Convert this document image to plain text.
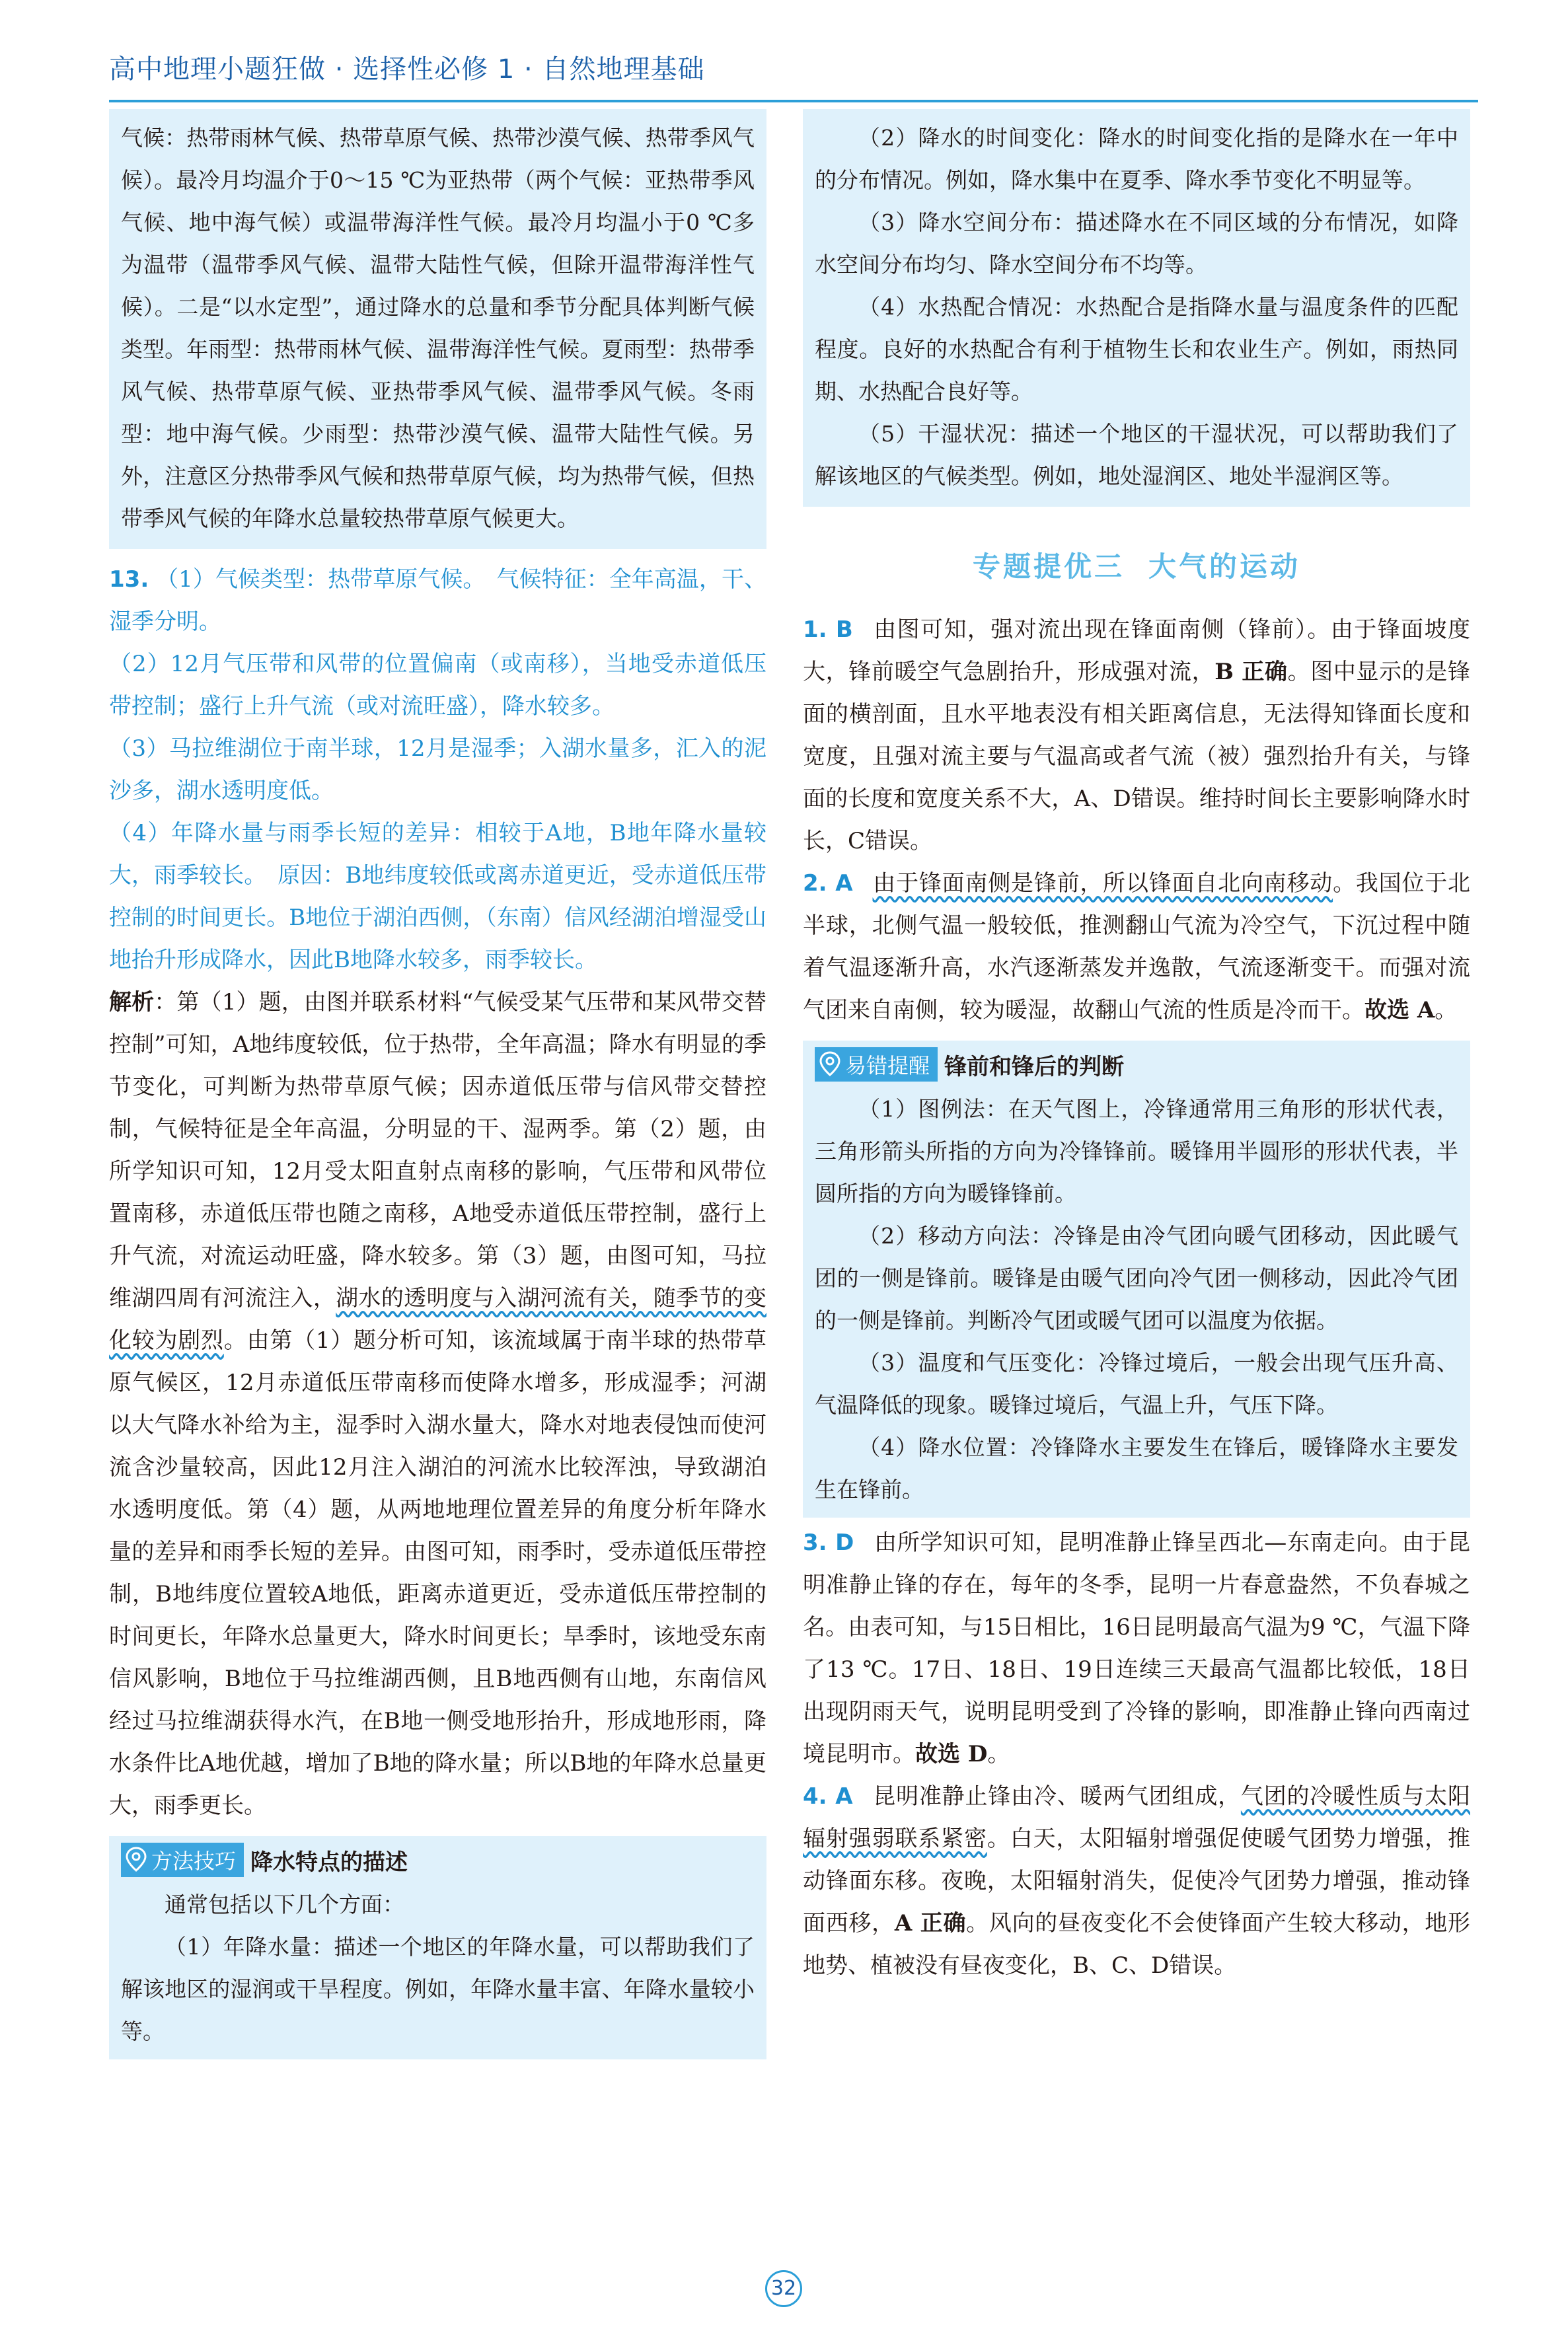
高中地理小题狂做 · 选择性必修 1 · 自然地理基础

气候：热带雨林气候、热带草原气候、热带沙漠气候、热带季风气候）。最冷月均温介于0～15 ℃为亚热带（两个气候：亚热带季风气候、地中海气候）或温带海洋性气候。最冷月均温小于0 ℃多为温带（温带季风气候、温带大陆性气候，但除开温带海洋性气候）。二是“以水定型”，通过降水的总量和季节分配具体判断气候类型。年雨型：热带雨林气候、温带海洋性气候。夏雨型：热带季风气候、热带草原气候、亚热带季风气候、温带季风气候。冬雨型：地中海气候。少雨型：热带沙漠气候、温带大陆性气候。另外，注意区分热带季风气候和热带草原气候，均为热带气候，但热带季风气候的年降水总量较热带草原气候更大。

13. （1）气候类型：热带草原气候。　气候特征：全年高温，干、湿季分明。

（2）12月气压带和风带的位置偏南（或南移），当地受赤道低压带控制；盛行上升气流（或对流旺盛），降水较多。

（3）马拉维湖位于南半球，12月是湿季；入湖水量多，汇入的泥沙多，湖水透明度低。

（4）年降水量与雨季长短的差异：相较于A地，B地年降水量较大，雨季较长。　原因：B地纬度较低或离赤道更近，受赤道低压带控制的时间更长。B地位于湖泊西侧，（东南）信风经湖泊增湿受山地抬升形成降水，因此B地降水较多，雨季较长。

解析：第（1）题，由图并联系材料“气候受某气压带和某风带交替控制”可知，A地纬度较低，位于热带，全年高温；降水有明显的季节变化，可判断为热带草原气候；因赤道低压带与信风带交替控制，气候特征是全年高温，分明显的干、湿两季。第（2）题，由所学知识可知，12月受太阳直射点南移的影响，气压带和风带位置南移，赤道低压带也随之南移，A地受赤道低压带控制，盛行上升气流，对流运动旺盛，降水较多。第（3）题，由图可知，马拉维湖四周有河流注入，湖水的透明度与入湖河流有关，随季节的变化较为剧烈。由第（1）题分析可知，该流域属于南半球的热带草原气候区，12月赤道低压带南移而使降水增多，形成湿季；河湖以大气降水补给为主，湿季时入湖水量大，降水对地表侵蚀而使河流含沙量较高，因此12月注入湖泊的河流水比较浑浊，导致湖泊水透明度低。第（4）题，从两地地理位置差异的角度分析年降水量的差异和雨季长短的差异。由图可知，雨季时，受赤道低压带控制，B地纬度位置较A地低，距离赤道更近，受赤道低压带控制的时间更长，年降水总量更大，降水时间更长；旱季时，该地受东南信风影响，B地位于马拉维湖西侧，且B地西侧有山地，东南信风经过马拉维湖获得水汽，在B地一侧受地形抬升，形成地形雨，降水条件比A地优越，增加了B地的降水量；所以B地的年降水总量更大，雨季更长。

方法技巧 降水特点的描述

通常包括以下几个方面：

（1）年降水量：描述一个地区的年降水量，可以帮助我们了解该地区的湿润或干旱程度。例如，年降水量丰富、年降水量较小等。

（2）降水的时间变化：降水的时间变化指的是降水在一年中的分布情况。例如，降水集中在夏季、降水季节变化不明显等。

（3）降水空间分布：描述降水在不同区域的分布情况，如降水空间分布均匀、降水空间分布不均等。

（4）水热配合情况：水热配合是指降水量与温度条件的匹配程度。良好的水热配合有利于植物生长和农业生产。例如，雨热同期、水热配合良好等。

（5）干湿状况：描述一个地区的干湿状况，可以帮助我们了解该地区的气候类型。例如，地处湿润区、地处半湿润区等。

专题提优三 大气的运动

1. B 由图可知，强对流出现在锋面南侧（锋前）。由于锋面坡度大，锋前暖空气急剧抬升，形成强对流，B 正确。图中显示的是锋面的横剖面，且水平地表没有相关距离信息，无法得知锋面长度和宽度，且强对流主要与气温高或者气流（被）强烈抬升有关，与锋面的长度和宽度关系不大，A、D错误。维持时间长主要影响降水时长，C错误。

2. A 由于锋面南侧是锋前，所以锋面自北向南移动。我国位于北半球，北侧气温一般较低，推测翻山气流为冷空气，下沉过程中随着气温逐渐升高，水汽逐渐蒸发并逸散，气流逐渐变干。而强对流气团来自南侧，较为暖湿，故翻山气流的性质是冷而干。故选 A。

易错提醒 锋前和锋后的判断

（1）图例法：在天气图上，冷锋通常用三角形的形状代表，三角形箭头所指的方向为冷锋锋前。暖锋用半圆形的形状代表，半圆所指的方向为暖锋锋前。

（2）移动方向法：冷锋是由冷气团向暖气团移动，因此暖气团的一侧是锋前。暖锋是由暖气团向冷气团一侧移动，因此冷气团的一侧是锋前。判断冷气团或暖气团可以温度为依据。

（3）温度和气压变化：冷锋过境后，一般会出现气压升高、气温降低的现象。暖锋过境后，气温上升，气压下降。

（4）降水位置：冷锋降水主要发生在锋后，暖锋降水主要发生在锋前。

3. D 由所学知识可知，昆明准静止锋呈西北—东南走向。由于昆明准静止锋的存在，每年的冬季，昆明一片春意盎然，不负春城之名。由表可知，与15日相比，16日昆明最高气温为9 ℃，气温下降了13 ℃。17日、18日、19日连续三天最高气温都比较低，18日出现阴雨天气，说明昆明受到了冷锋的影响，即准静止锋向西南过境昆明市。故选 D。

4. A 昆明准静止锋由冷、暖两气团组成，气团的冷暖性质与太阳辐射强弱联系紧密。白天，太阳辐射增强促使暖气团势力增强，推动锋面东移。夜晚，太阳辐射消失，促使冷气团势力增强，推动锋面西移，A 正确。风向的昼夜变化不会使锋面产生较大移动，地形地势、植被没有昼夜变化，B、C、D错误。

32
